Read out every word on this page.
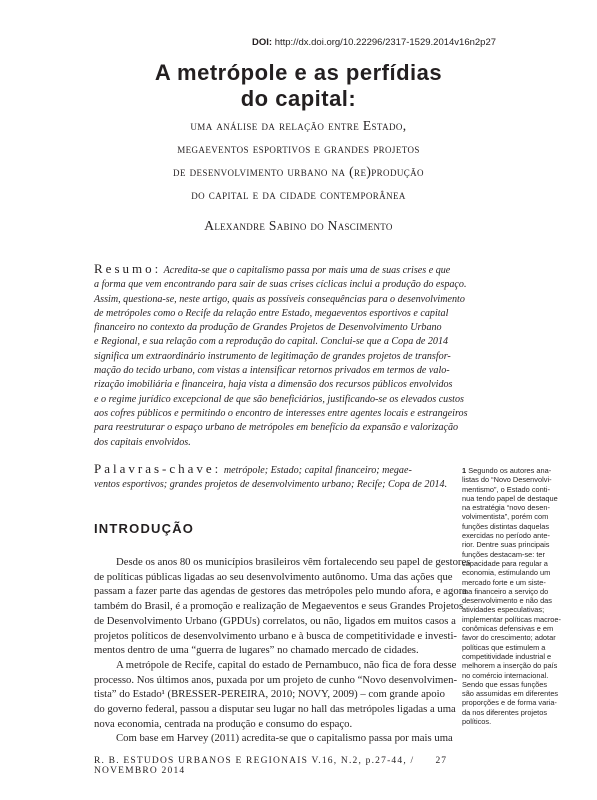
DOI: http://dx.doi.org/10.22296/2317-1529.2014v16n2p27
A metrópole e as perfídias
do capital:
uma análise da relação entre Estado,
megaeventos esportivos e grandes projetos
de desenvolvimento urbano na (re)produção
do capital e da cidade contemporânea
Alexandre Sabino do Nascimento
Resumo: Acredita-se que o capitalismo passa por mais uma de suas crises e que
a forma que vem encontrando para sair de suas crises cíclicas inclui a produção do espaço.
Assim, questiona-se, neste artigo, quais as possíveis consequências para o desenvolvimento
de metrópoles como o Recife da relação entre Estado, megaeventos esportivos e capital
financeiro no contexto da produção de Grandes Projetos de Desenvolvimento Urbano
e Regional, e sua relação com a reprodução do capital. Conclui-se que a Copa de 2014
significa um extraordinário instrumento de legitimação de grandes projetos de transfor-
mação do tecido urbano, com vistas a intensificar retornos privados em termos de valo-
rização imobiliária e financeira, haja vista a dimensão dos recursos públicos envolvidos
e o regime jurídico excepcional de que são beneficiários, justificando-se os elevados custos
aos cofres públicos e permitindo o encontro de interesses entre agentes locais e estrangeiros
para reestruturar o espaço urbano de metrópoles em benefício da expansão e valorização
dos capitais envolvidos.
Palavras-chave: metrópole; Estado; capital financeiro; megae-
ventos esportivos; grandes projetos de desenvolvimento urbano; Recife; Copa de 2014.
INTRODUÇÃO
Desde os anos 80 os municípios brasileiros vêm fortalecendo seu papel de gestores
de políticas públicas ligadas ao seu desenvolvimento autônomo. Uma das ações que
passam a fazer parte das agendas de gestores das metrópoles pelo mundo afora, e agora
também do Brasil, é a promoção e realização de Megaeventos e seus Grandes Projetos
de Desenvolvimento Urbano (GPDUs) correlatos, ou não, ligados em muitos casos a
projetos políticos de desenvolvimento urbano e à busca de competitividade e investi-
mentos dentro de uma “guerra de lugares” no chamado mercado de cidades.
A metrópole de Recife, capital do estado de Pernambuco, não fica de fora desse
processo. Nos últimos anos, puxada por um projeto de cunho “Novo desenvolvimen-
tista” do Estado¹ (BRESSER-PEREIRA, 2010; NOVY, 2009) – com grande apoio
do governo federal, passou a disputar seu lugar no hall das metrópoles ligadas a uma
nova economia, centrada na produção e consumo do espaço.
Com base em Harvey (2011) acredita-se que o capitalismo passa por mais uma
1 Segundo os autores ana-
listas do “Novo Desenvolvi-
mentismo”, o Estado conti-
nua tendo papel de destaque
na estratégia “novo desen-
volvimentista”, porém com
funções distintas daquelas
exercidas no período ante-
rior. Dentre suas principais
funções destacam-se: ter
capacidade para regular a
economia, estimulando um
mercado forte e um siste-
ma financeiro a serviço do
desenvolvimento e não das
atividades especulativas;
implementar políticas macroe-
conômicas defensivas e em
favor do crescimento; adotar
políticas que estimulem a
competitividade industrial e
melhorem a inserção do país
no comércio internacional.
Sendo que essas funções
são assumidas em diferentes
proporções e de forma varia-
da nos diferentes projetos
políticos.
R. B. ESTUDOS URBANOS E REGIONAIS V.16, N.2, p.27-44, / NOVEMBRO 2014
27
